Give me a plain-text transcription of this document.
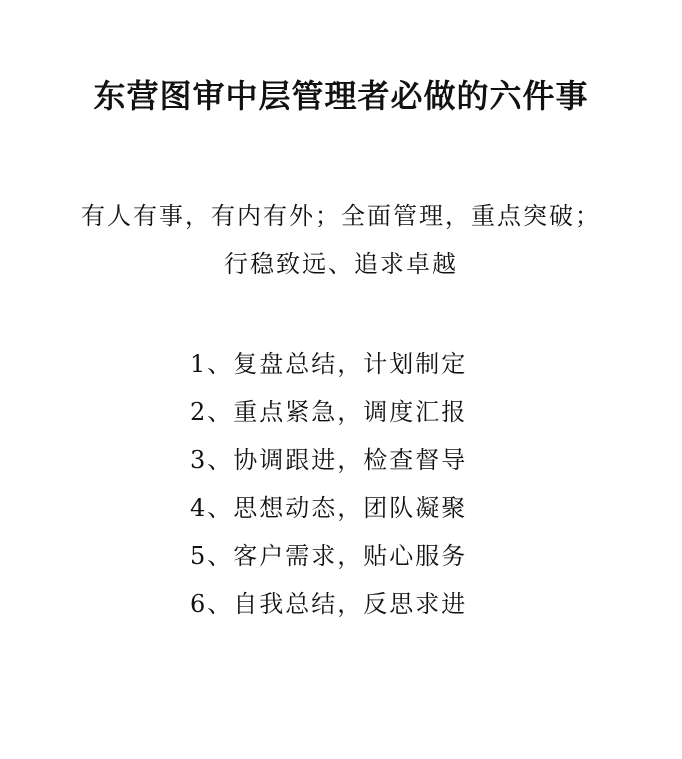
东营图审中层管理者必做的六件事
有人有事，有内有外；全面管理，重点突破；
行稳致远、追求卓越
1、复盘总结，计划制定
2、重点紧急，调度汇报
3、协调跟进，检查督导
4、思想动态，团队凝聚
5、客户需求，贴心服务
6、自我总结，反思求进
